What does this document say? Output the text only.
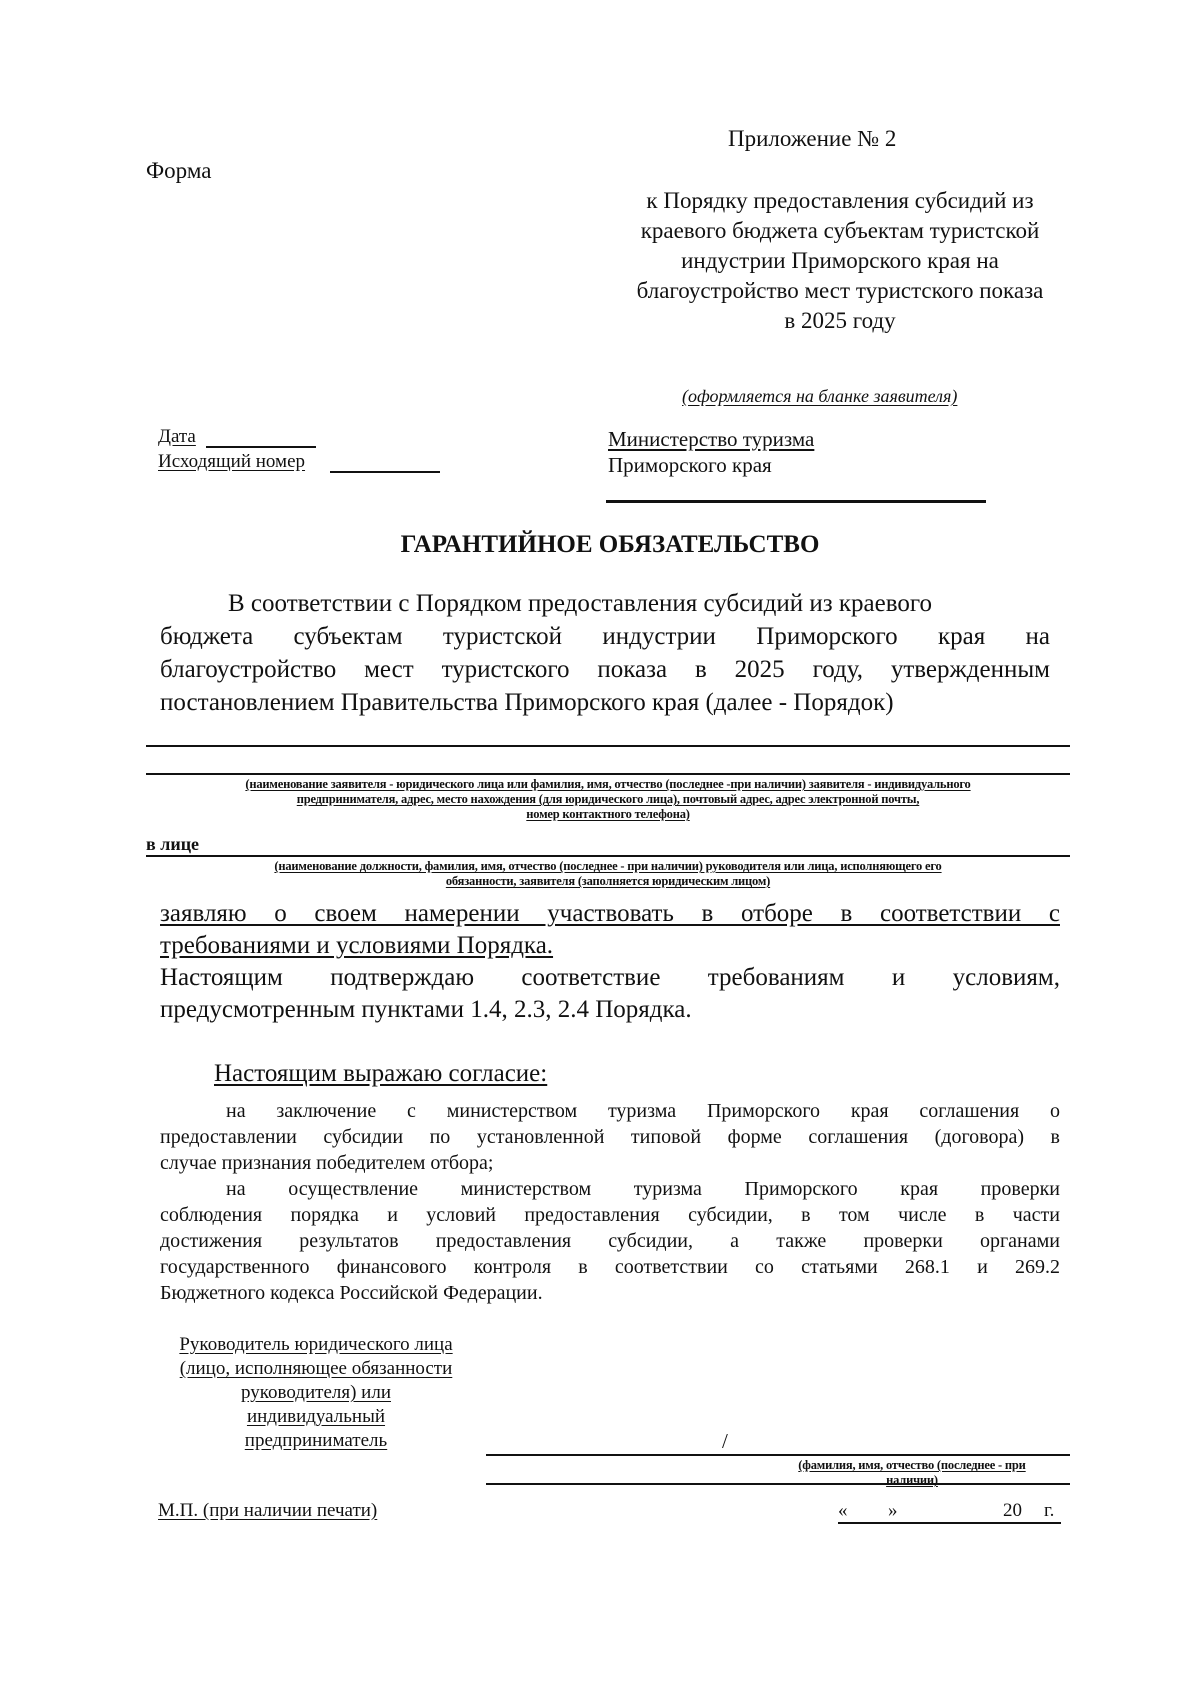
Форма
Приложение № 2
к Порядку предоставления субсидий из
краевого бюджета субъектам туристской
индустрии Приморского края на
благоустройство мест туристского показа
в 2025 году
(оформляется на бланке заявителя)
Дата
Исходящий номер
Министерство туризма
Приморского края
ГАРАНТИЙНОЕ ОБЯЗАТЕЛЬСТВО
В соответствии с Порядком предоставления субсидий из краевого
бюджета субъектам туристской индустрии Приморского края на
благоустройство мест туристского показа в 2025 году, утвержденным
постановлением Правительства Приморского края (далее - Порядок)
(наименование заявителя - юридического лица или фамилия, имя, отчество (последнее -при наличии) заявителя - индивидуального
предпринимателя, адрес, место нахождения (для юридического лица), почтовый адрес, адрес электронной почты,
номер контактного телефона)
в лице
(наименование должности, фамилия, имя, отчество (последнее - при наличии) руководителя или лица, исполняющего его
обязанности, заявителя (заполняется юридическим лицом)
заявляю о своем намерении участвовать в отборе в соответствии с
требованиями и условиями Порядка.
Настоящим подтверждаю соответствие требованиям и условиям,
предусмотренным пунктами 1.4, 2.3, 2.4 Порядка.
Настоящим выражаю согласие:
на заключение с министерством туризма Приморского края соглашения о
предоставлении субсидии по установленной типовой форме соглашения (договора) в
случае признания победителем отбора;
на осуществление министерством туризма Приморского края проверки
соблюдения порядка и условий предоставления субсидии, в том числе в части
достижения результатов предоставления субсидии, а также проверки органами
государственного финансового контроля в соответствии со статьями 268.1 и 269.2
Бюджетного кодекса Российской Федерации.
Руководитель юридического лица
(лицо, исполняющее обязанности
руководителя) или
индивидуальный
предприниматель	/
(фамилия, имя, отчество (последнее - при
наличии)
М.П. (при наличии печати)	« »	20 г.
